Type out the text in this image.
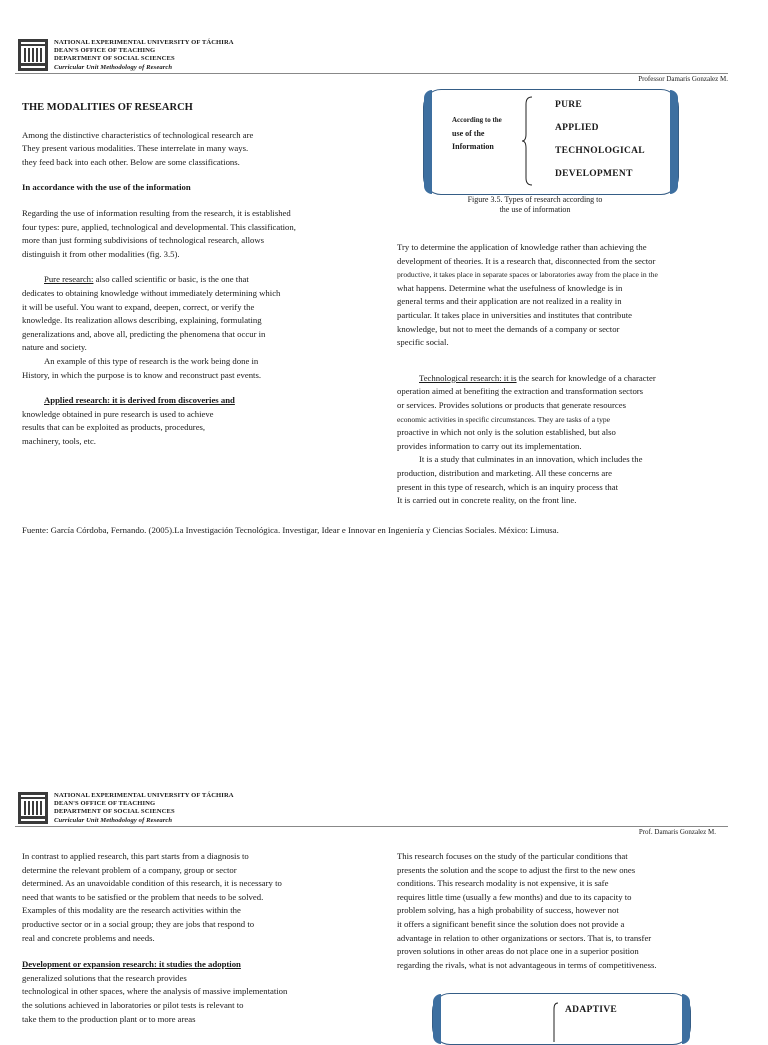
NATIONAL EXPERIMENTAL UNIVERSITY OF TÁCHIRA
DEAN'S OFFICE OF TEACHING
DEPARTMENT OF SOCIAL SCIENCES
Curricular Unit Methodology of Research
Professor Damaris Gonzalez M.

THE MODALITIES OF RESEARCH

Among the distinctive characteristics of technological research are

They present various modalities. These interrelate in many ways.

they feed back into each other. Below are some classifications.

In accordance with the use of the information

Regarding the use of information resulting from the research, it is established

four types: pure, applied, technological and developmental. This classification,

more than just forming subdivisions of technological research, allows

distinguish it from other modalities (fig. 3.5).

Pure research: also called scientific or basic, is the one that

dedicates to obtaining knowledge without immediately determining which

it will be useful. You want to expand, deepen, correct, or verify the

knowledge. Its realization allows describing, explaining, formulating

generalizations and, above all, predicting the phenomena that occur in

nature and society.

An example of this type of research is the work being done in

History, in which the purpose is to know and reconstruct past events.

Applied research: it is derived from discoveries and

knowledge obtained in pure research is used to achieve

results that can be exploited as products, procedures,

machinery, tools, etc.

According to the
use of the
Information
PURE
APPLIED
TECHNOLOGICAL
DEVELOPMENT
Figure 3.5. Types of research according to
the use of information

Try to determine the application of knowledge rather than achieving the

development of theories. It is a research that, disconnected from the sector

productive, it takes place in separate spaces or laboratories away from the place in the

what happens. Determine what the usefulness of knowledge is in

general terms and their application are not realized in a reality in

particular. It takes place in universities and institutes that contribute

knowledge, but not to meet the demands of a company or sector

specific social.

Technological research: it is the search for knowledge of a character

operation aimed at benefiting the extraction and transformation sectors

or services. Provides solutions or products that generate resources

economic activities in specific circumstances. They are tasks of a type

proactive in which not only is the solution established, but also

provides information to carry out its implementation.

It is a study that culminates in an innovation, which includes the

production, distribution and marketing. All these concerns are

present in this type of research, which is an inquiry process that

It is carried out in concrete reality, on the front line.

Fuente: García Córdoba, Fernando. (2005).La Investigación Tecnológica. Investigar, Idear e Innovar en Ingeniería y Ciencias Sociales. México: Limusa.
NATIONAL EXPERIMENTAL UNIVERSITY OF TÁCHIRA
DEAN'S OFFICE OF TEACHING
DEPARTMENT OF SOCIAL SCIENCES
Curricular Unit Methodology of Research
Prof. Damaris Gonzalez M.

In contrast to applied research, this part starts from a diagnosis to

determine the relevant problem of a company, group or sector

determined. As an unavoidable condition of this research, it is necessary to

need that wants to be satisfied or the problem that needs to be solved.

Examples of this modality are the research activities within the

productive sector or in a social group; they are jobs that respond to

real and concrete problems and needs.

Development or expansion research: it studies the adoption

generalized solutions that the research provides

technological in other spaces, where the analysis of massive implementation

the solutions achieved in laboratories or pilot tests is relevant to

take them to the production plant or to more areas

This research focuses on the study of the particular conditions that

presents the solution and the scope to adjust the first to the new ones

conditions. This research modality is not expensive, it is safe

requires little time (usually a few months) and due to its capacity to

problem solving, has a high probability of success, however not

it offers a significant benefit since the solution does not provide a

advantage in relation to other organizations or sectors. That is, to transfer

proven solutions in other areas do not place one in a superior position

regarding the rivals, what is not advantageous in terms of competitiveness.

ADAPTIVE
